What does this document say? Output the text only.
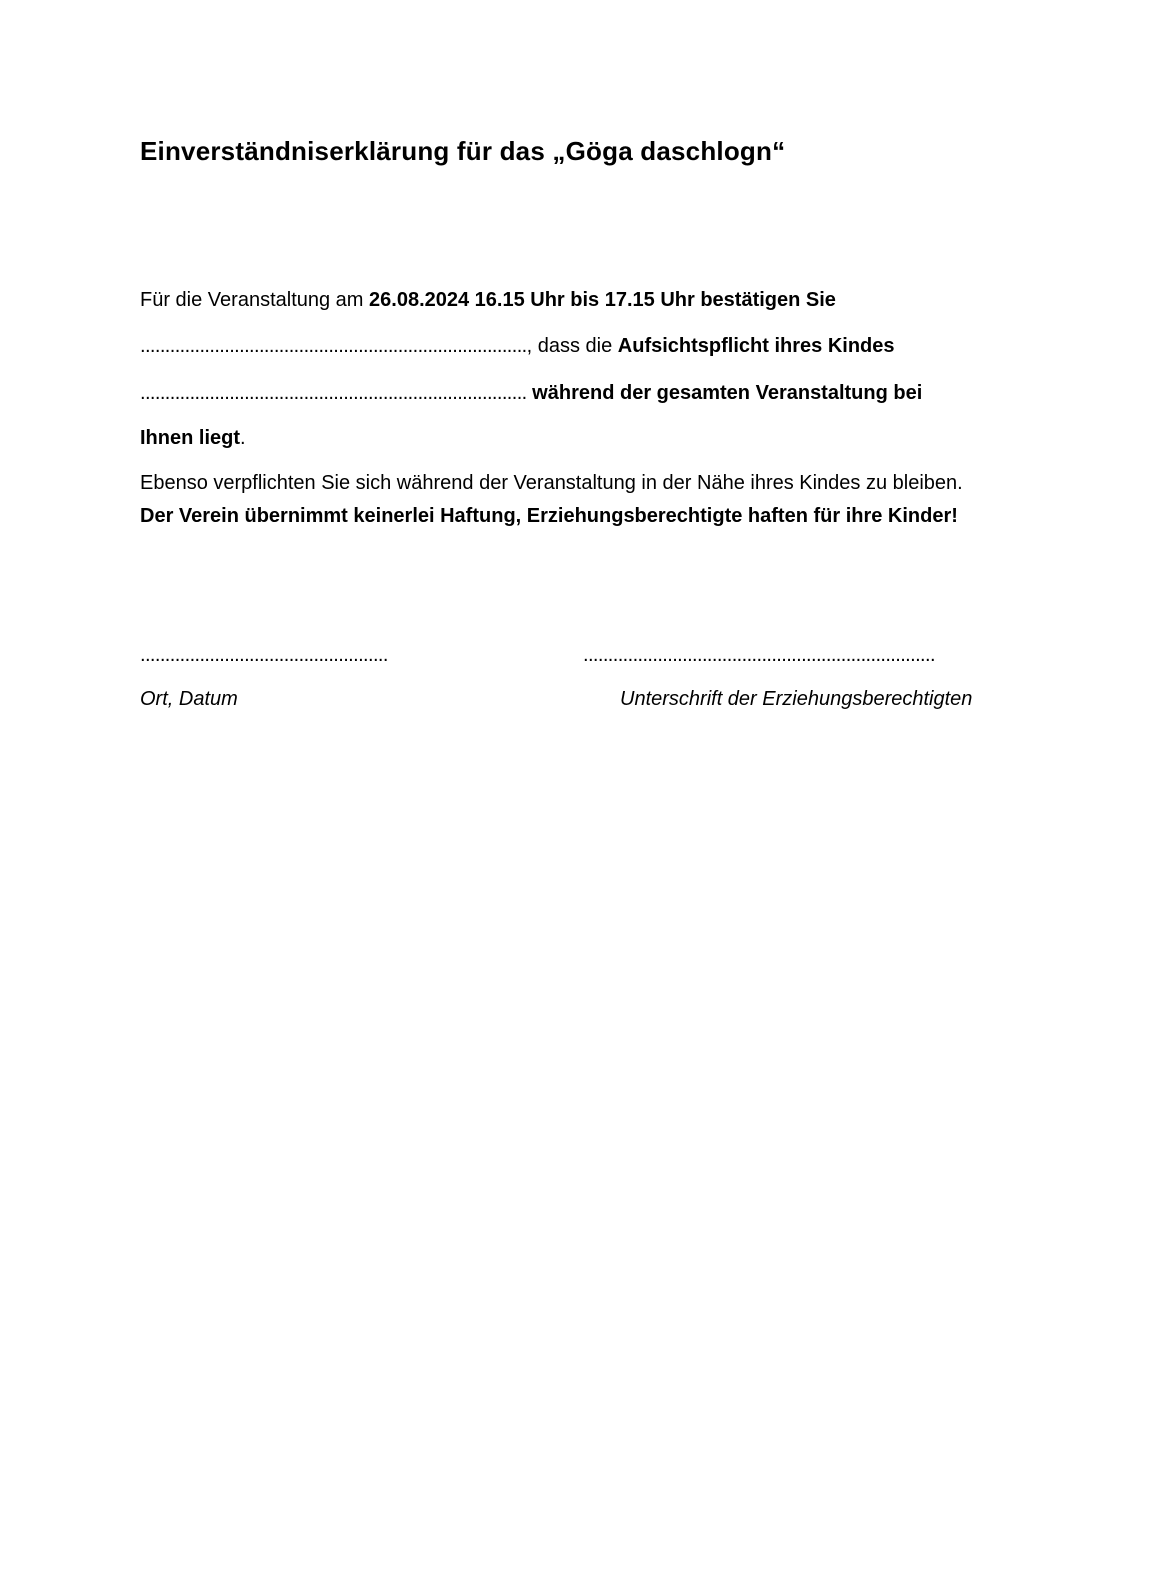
Einverständniserklärung für das „Göga daschlogn“

Für die Veranstaltung am 26.08.2024 16.15 Uhr bis 17.15 Uhr bestätigen Sie

.............................................................................., dass die Aufsichtspflicht ihres Kindes

.............................................................................. während der gesamten Veranstaltung bei

Ihnen liegt.

Ebenso verpflichten Sie sich während der Veranstaltung in der Nähe ihres Kindes zu bleiben.

Der Verein übernimmt keinerlei Haftung, Erziehungsberechtigte haften für ihre Kinder!

..................................................	.......................................................................
Ort, Datum	Unterschrift der Erziehungsberechtigten
